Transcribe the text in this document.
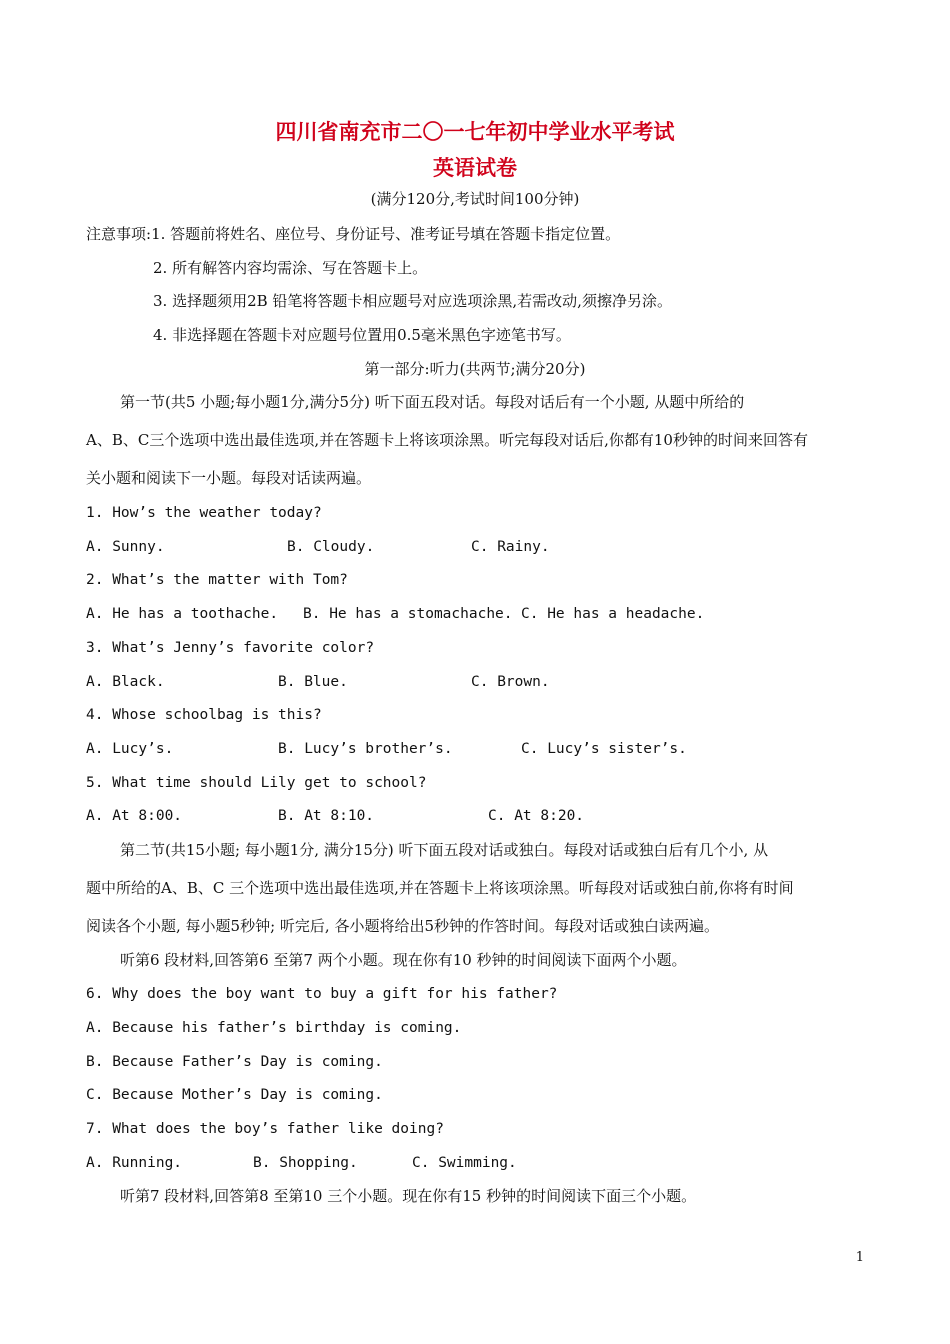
四川省南充市二〇一七年初中学业水平考试
英语试卷
(满分120分,考试时间100分钟)
注意事项:1. 答题前将姓名、座位号、身份证号、准考证号填在答题卡指定位置。
2. 所有解答内容均需涂、写在答题卡上。
3. 选择题须用2B 铅笔将答题卡相应题号对应选项涂黑,若需改动,须擦净另涂。
4. 非选择题在答题卡对应题号位置用0.5毫米黑色字迹笔书写。
第一部分:听力(共两节;满分20分)
第一节(共5 小题;每小题1分,满分5分) 听下面五段对话。每段对话后有一个小题, 从题中所给的
A、B、C三个选项中选出最佳选项,并在答题卡上将该项涂黑。听完每段对话后,你都有10秒钟的时间来回答有
关小题和阅读下一小题。每段对话读两遍。
1. How’s the weather today?
A. Sunny.	B. Cloudy.	C. Rainy.
2. What’s the matter with Tom?
A. He has a toothache. B. He has a stomachache. C. He has a headache.
3. What’s Jenny’s favorite color?
A. Black.	B. Blue.	C. Brown.
4. Whose schoolbag is this?
A. Lucy’s.	B. Lucy’s brother’s.	C. Lucy’s sister’s.
5. What time should Lily get to school?
A. At 8:00.	B. At 8:10.	C. At 8:20.
第二节(共15小题; 每小题1分, 满分15分) 听下面五段对话或独白。每段对话或独白后有几个小, 从
题中所给的A、B、C 三个选项中选出最佳选项,并在答题卡上将该项涂黑。听每段对话或独白前,你将有时间
阅读各个小题, 每小题5秒钟; 听完后, 各小题将给出5秒钟的作答时间。每段对话或独白读两遍。
听第6 段材料,回答第6 至第7 两个小题。现在你有10 秒钟的时间阅读下面两个小题。
6. Why does the boy want to buy a gift for his father?
A. Because his father’s birthday is coming.
B. Because Father’s Day is coming.
C. Because Mother’s Day is coming.
7. What does the boy’s father like doing?
A. Running.	B. Shopping.	C. Swimming.
听第7 段材料,回答第8 至第10 三个小题。现在你有15 秒钟的时间阅读下面三个小题。
1
